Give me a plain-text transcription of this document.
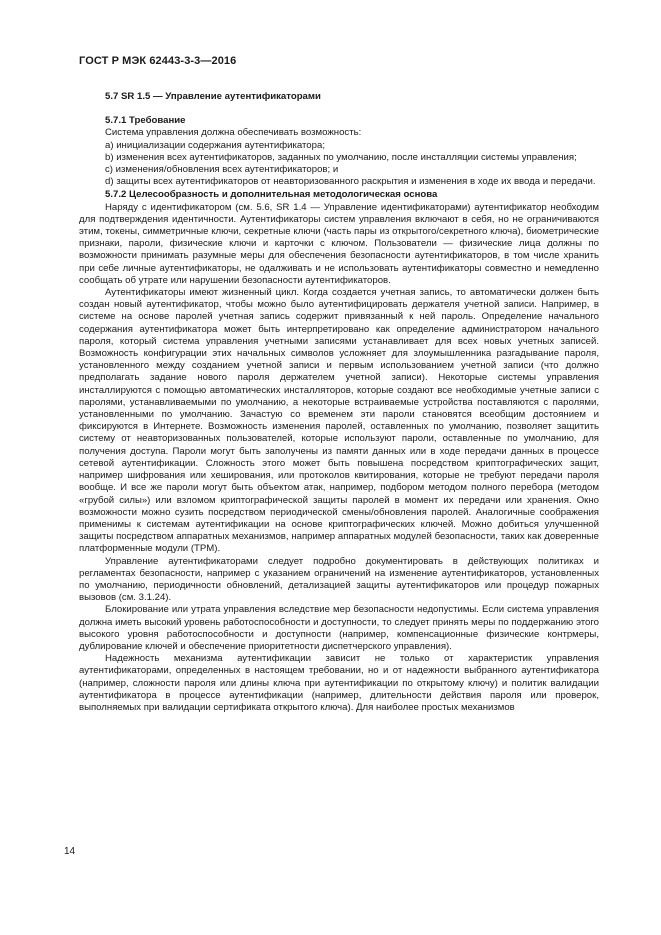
ГОСТ Р МЭК 62443-3-3—2016

5.7 SR 1.5 — Управление аутентификаторами

5.7.1 Требование

Система управления должна обеспечивать возможность:

a) инициализации содержания аутентификатора;

b) изменения всех аутентификаторов, заданных по умолчанию, после инсталляции системы управления;

c) изменения/обновления всех аутентификаторов; и

d) защиты всех аутентификаторов от неавторизованного раскрытия и изменения в ходе их ввода и передачи.

5.7.2 Целесообразность и дополнительная методологическая основа

Наряду с идентификатором (см. 5.6, SR 1.4 — Управление идентификаторами) аутентификатор необходим для подтверждения идентичности. Аутентификаторы систем управления включают в себя, но не ограничиваются этим, токены, симметричные ключи, секретные ключи (часть пары из открытого/секретного ключа), биометрические признаки, пароли, физические ключи и карточки с ключом. Пользователи — физические лица должны по возможности принимать разумные меры для обеспечения безопасности аутентификаторов, в том числе хранить при себе личные аутентификаторы, не одалживать и не использовать аутентификаторы совместно и немедленно сообщать об утрате или нарушении безопасности аутентификаторов.

Аутентификаторы имеют жизненный цикл. Когда создается учетная запись, то автоматически должен быть создан новый аутентификатор, чтобы можно было аутентифицировать держателя учетной записи. Например, в системе на основе паролей учетная запись содержит привязанный к ней пароль. Определение начального содержания аутентификатора может быть интерпретировано как определение администратором начального пароля, который система управления учетными записями устанавливает для всех новых учетных записей. Возможность конфигурации этих начальных символов усложняет для злоумышленника разгадывание пароля, установленного между созданием учетной записи и первым использованием учетной записи (что должно предполагать задание нового пароля держателем учетной записи). Некоторые системы управления инсталлируются с помощью автоматических инсталляторов, которые создают все необходимые учетные записи с паролями, устанавливаемыми по умолчанию, а некоторые встраиваемые устройства поставляются с паролями, установленными по умолчанию. Зачастую со временем эти пароли становятся всеобщим достоянием и фиксируются в Интернете. Возможность изменения паролей, оставленных по умолчанию, позволяет защитить систему от неавторизованных пользователей, которые используют пароли, оставленные по умолчанию, для получения доступа. Пароли могут быть заполучены из памяти данных или в ходе передачи данных в процессе сетевой аутентификации. Сложность этого может быть повышена посредством криптографических защит, например шифрования или хеширования, или протоколов квитирования, которые не требуют передачи пароля вообще. И все же пароли могут быть объектом атак, например, подбором методом полного перебора (методом «грубой силы») или взломом криптографической защиты паролей в момент их передачи или хранения. Окно возможности можно сузить посредством периодической смены/обновления паролей. Аналогичные соображения применимы к системам аутентификации на основе криптографических ключей. Можно добиться улучшенной защиты посредством аппаратных механизмов, например аппаратных модулей безопасности, таких как доверенные платформенные модули (TPM).

Управление аутентификаторами следует подробно документировать в действующих политиках и регламентах безопасности, например с указанием ограничений на изменение аутентификаторов, установленных по умолчанию, периодичности обновлений, детализацией защиты аутентификаторов или процедур пожарных вызовов (см. 3.1.24).

Блокирование или утрата управления вследствие мер безопасности недопустимы. Если система управления должна иметь высокий уровень работоспособности и доступности, то следует принять меры по поддержанию этого высокого уровня работоспособности и доступности (например, компенсационные физические контрмеры, дублирование ключей и обеспечение приоритетности диспетчерского управления).

Надежность механизма аутентификации зависит не только от характеристик управления аутентификаторами, определенных в настоящем требовании, но и от надежности выбранного аутентификатора (например, сложности пароля или длины ключа при аутентификации по открытому ключу) и политик валидации аутентификатора в процессе аутентификации (например, длительности действия пароля или проверок, выполняемых при валидации сертификата открытого ключа). Для наиболее простых механизмов

14
